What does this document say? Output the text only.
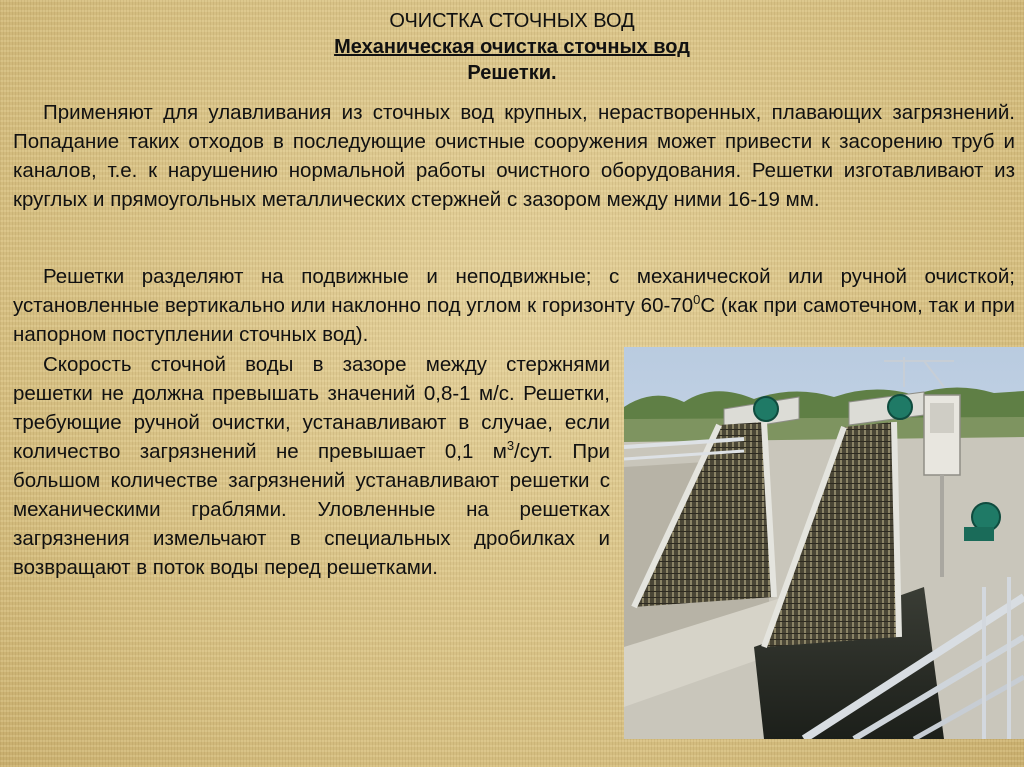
ОЧИСТКА СТОЧНЫХ ВОД
Механическая очистка сточных вод
Решетки.

Применяют для улавливания из сточных вод крупных, нерастворенных, плавающих загрязнений. Попадание таких отходов в последующие очистные сооружения может привести к засорению труб и каналов, т.е. к нарушению нормальной работы очистного оборудования. Решетки изготавливают из круглых и прямоугольных металлических стержней с зазором между ними 16-19 мм.

Решетки разделяют на подвижные и неподвижные; с механической или ручной очисткой; установленные вертикально или наклонно под углом к горизонту $60-70^0С$ (как при самотечном, так и при напорном поступлении сточных вод).

Скорость сточной воды в зазоре между стержнями решетки не должна превышать значений 0,8-1 м/с. Решетки, требующие ручной очистки, устанавливают в случае, если количество загрязнений не превышает 0,1 $м^3$/сут. При большом количестве загрязнений устанавливают решетки с механическими граблями. Уловленные на решетках загрязнения измельчают в специальных дробилках и возвращают в поток воды перед решетками.
